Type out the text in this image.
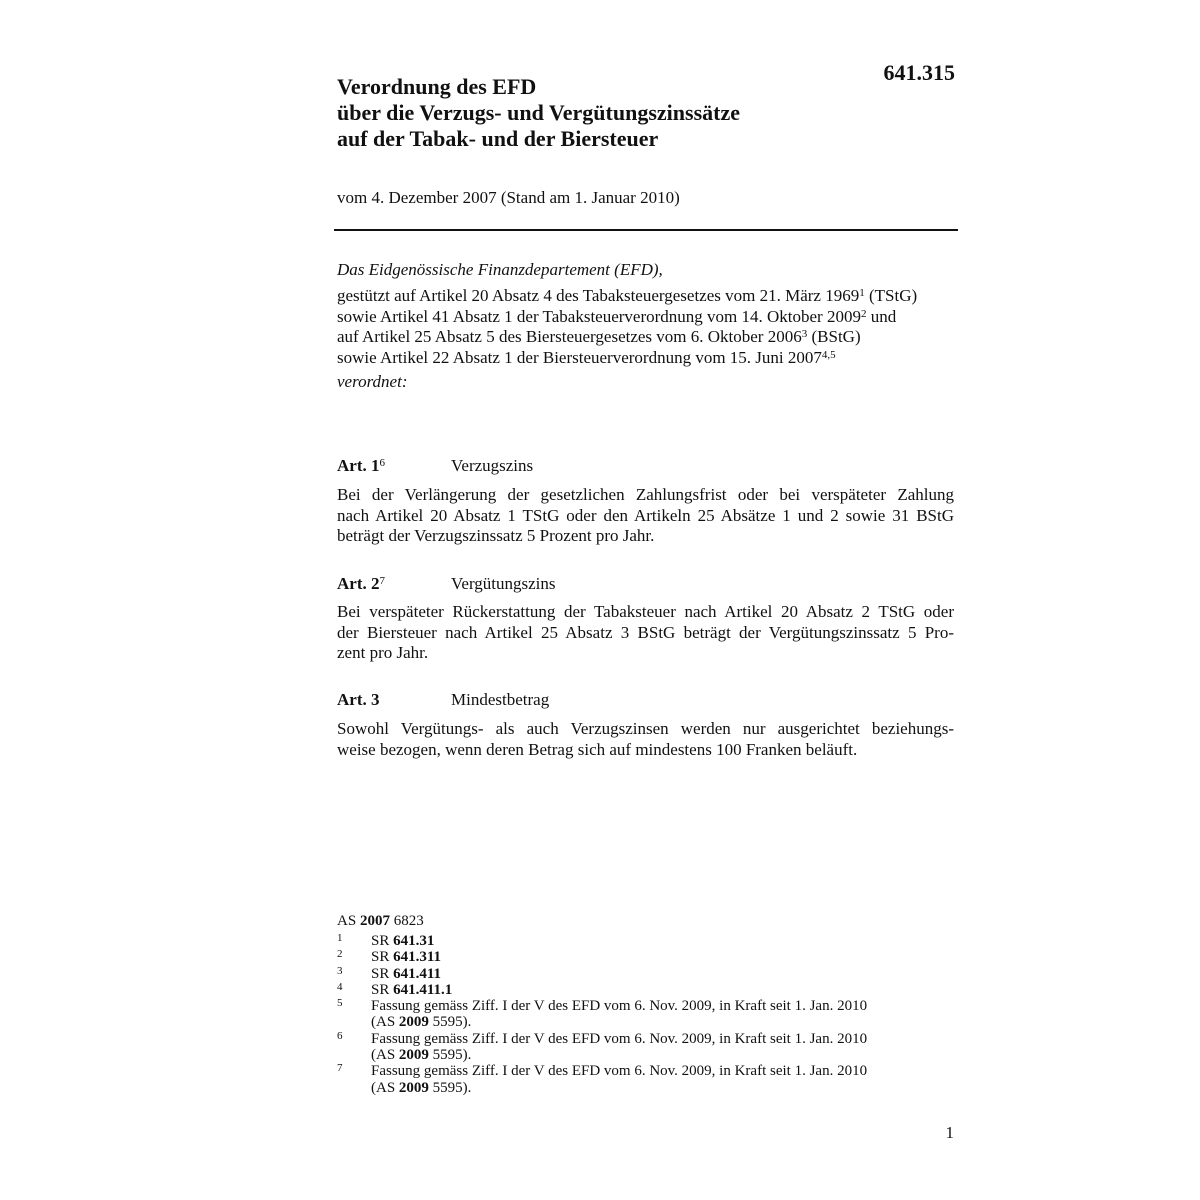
641.315
Verordnung des EFD
über die Verzugs- und Vergütungszinssätze
auf der Tabak- und der Biersteuer
vom 4. Dezember 2007 (Stand am 1. Januar 2010)
Das Eidgenössische Finanzdepartement (EFD),
gestützt auf Artikel 20 Absatz 4 des Tabaksteuergesetzes vom 21. März 1969$^1$ (TStG)
sowie Artikel 41 Absatz 1 der Tabaksteuerverordnung vom 14. Oktober 2009$^2$ und
auf Artikel 25 Absatz 5 des Biersteuergesetzes vom 6. Oktober 2006$^3$ (BStG)
sowie Artikel 22 Absatz 1 der Biersteuerverordnung vom 15. Juni 2007$^{4,5}$
verordnet:
Art. $1^6$	Verzugszins
Bei der Verlängerung der gesetzlichen Zahlungsfrist oder bei verspäteter Zahlung
nach Artikel 20 Absatz 1 TStG oder den Artikeln 25 Absätze 1 und 2 sowie 31 BStG
beträgt der Verzugszinssatz 5 Prozent pro Jahr.
Art. $2^7$	Vergütungszins
Bei verspäteter Rückerstattung der Tabaksteuer nach Artikel 20 Absatz 2 TStG oder
der Biersteuer nach Artikel 25 Absatz 3 BStG beträgt der Vergütungszinssatz 5 Pro-
zent pro Jahr.
Art. 3	Mindestbetrag
Sowohl Vergütungs- als auch Verzugszinsen werden nur ausgerichtet beziehungs-
weise bezogen, wenn deren Betrag sich auf mindestens 100 Franken beläuft.
AS 2007 6823
1 SR 641.31
2 SR 641.311
3 SR 641.411
4 SR 641.411.1
5 Fassung gemäss Ziff. I der V des EFD vom 6. Nov. 2009, in Kraft seit 1. Jan. 2010
(AS 2009 5595).
6 Fassung gemäss Ziff. I der V des EFD vom 6. Nov. 2009, in Kraft seit 1. Jan. 2010
(AS 2009 5595).
7 Fassung gemäss Ziff. I der V des EFD vom 6. Nov. 2009, in Kraft seit 1. Jan. 2010
(AS 2009 5595).
1
